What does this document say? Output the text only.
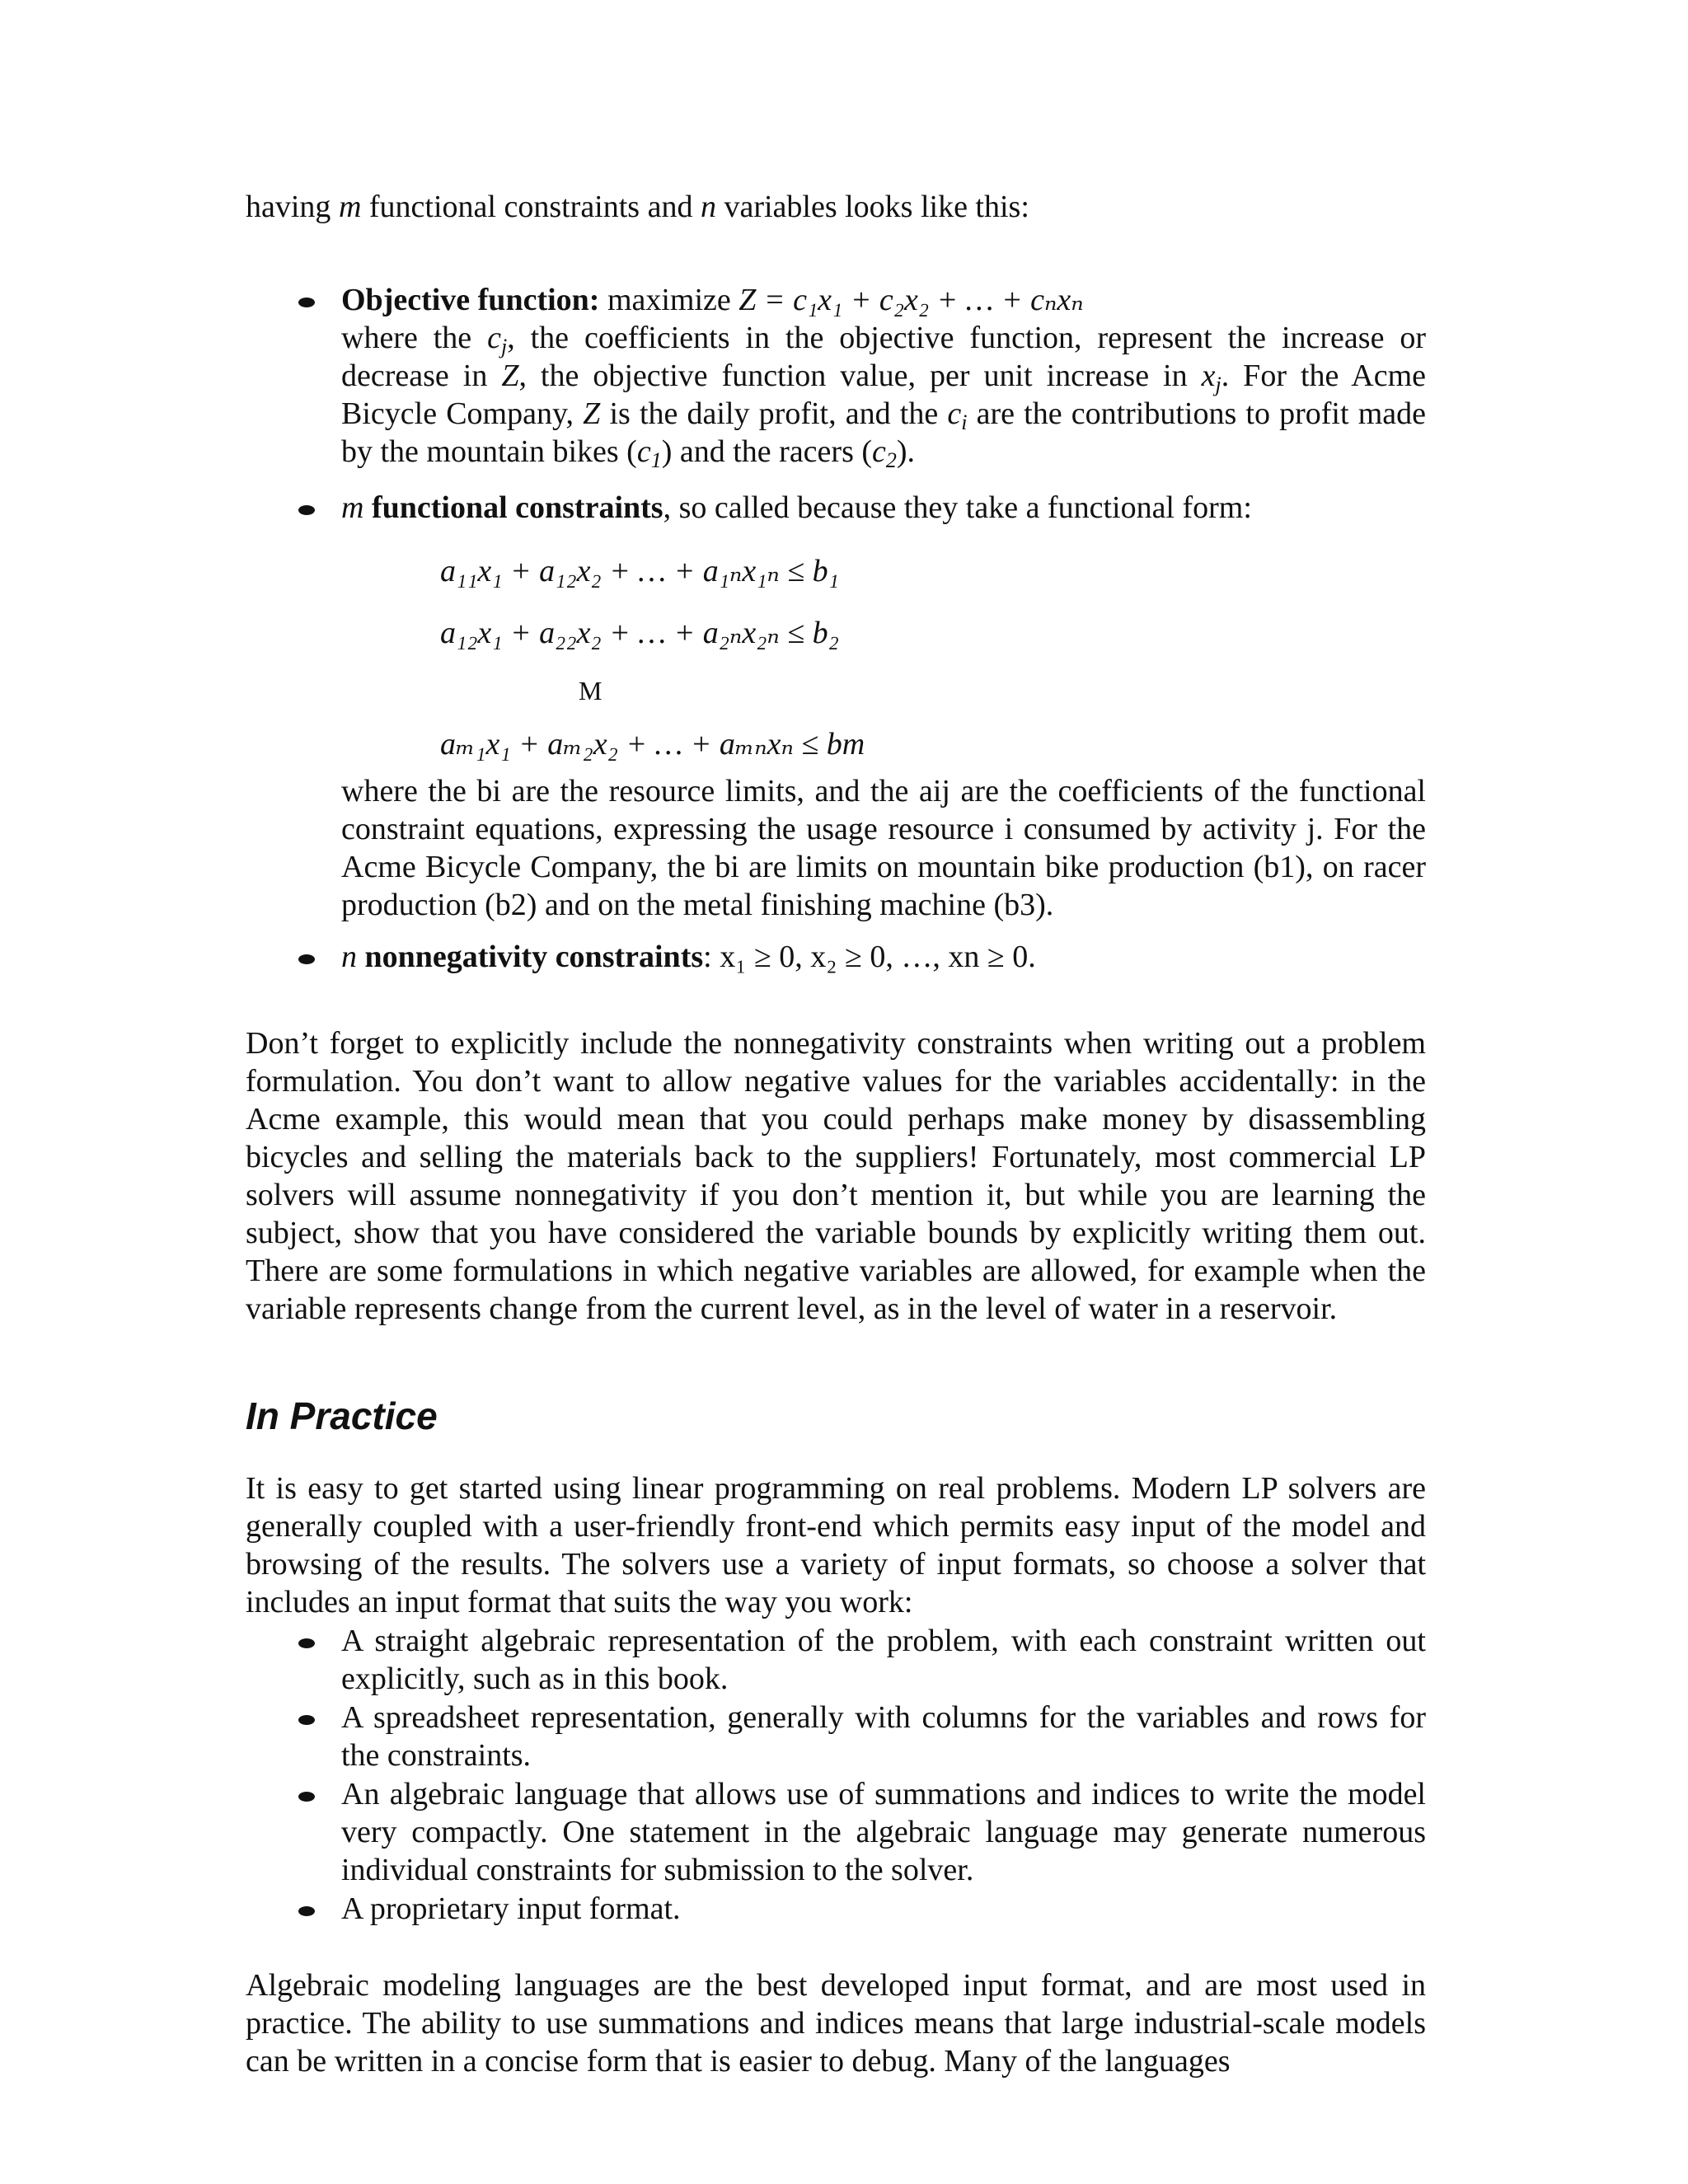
having m functional constraints and n variables looks like this:
Objective function: maximize Z = c₁x₁ + c₂x₂ + … + cₙxₙ
where the $c_j$, the coefficients in the objective function, represent the increase or decrease in Z, the objective function value, per unit increase in $x_j$. For the Acme Bicycle Company, Z is the daily profit, and the $c_i$ are the contributions to profit made by the mountain bikes $(c_1)$ and the racers $(c_2)$.
m functional constraints, so called because they take a functional form:
a₁₁x₁ + a₁₂x₂ + … + a₁ₙx₁ₙ ≤ b₁
a₁₂x₁ + a₂₂x₂ + … + a₂ₙx₂ₙ ≤ b₂
M
aₘ₁x₁ + aₘ₂x₂ + … + aₘₙxₙ ≤ bm
where the bi are the resource limits, and the aij are the coefficients of the functional constraint equations, expressing the usage resource i consumed by activity j. For the Acme Bicycle Company, the bi are limits on mountain bike production (b1), on racer production (b2) and on the metal finishing machine (b3).
n nonnegativity constraints: x₁ ≥ 0, x₂ ≥ 0, …, xn ≥ 0.
Don’t forget to explicitly include the nonnegativity constraints when writing out a problem formulation. You don’t want to allow negative values for the variables accidentally: in the Acme example, this would mean that you could perhaps make money by disassembling bicycles and selling the materials back to the suppliers! Fortunately, most commercial LP solvers will assume nonnegativity if you don’t mention it, but while you are learning the subject, show that you have considered the variable bounds by explicitly writing them out. There are some formulations in which negative variables are allowed, for example when the variable represents change from the current level, as in the level of water in a reservoir.
In Practice
It is easy to get started using linear programming on real problems. Modern LP solvers are generally coupled with a user-friendly front-end which permits easy input of the model and browsing of the results. The solvers use a variety of input formats, so choose a solver that includes an input format that suits the way you work:
A straight algebraic representation of the problem, with each constraint written out explicitly, such as in this book.
A spreadsheet representation, generally with columns for the variables and rows for the constraints.
An algebraic language that allows use of summations and indices to write the model very compactly. One statement in the algebraic language may generate numerous individual constraints for submission to the solver.
A proprietary input format.
Algebraic modeling languages are the best developed input format, and are most used in practice. The ability to use summations and indices means that large industrial-scale models can be written in a concise form that is easier to debug. Many of the languages
